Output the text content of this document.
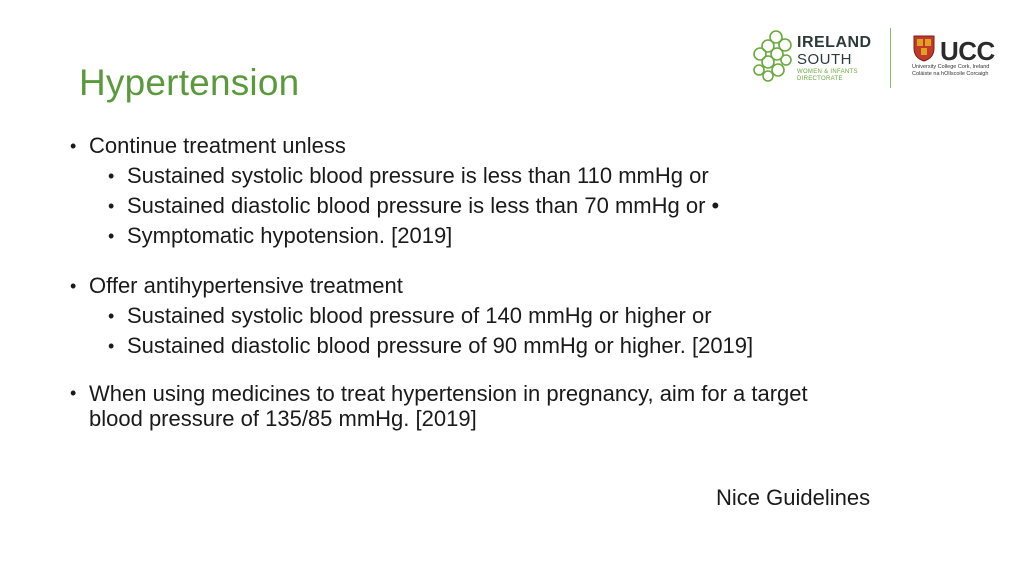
Hypertension
IRELAND
SOUTH
WOMEN & INFANTS
DIRECTORATE
UCC
University College Cork, Ireland
Coláiste na hOllscoile Corcaigh

• Continue treatment unless

• Sustained systolic blood pressure is less than 110 mmHg or

• Sustained diastolic blood pressure is less than 70 mmHg or •

• Symptomatic hypotension. [2019]

• Offer antihypertensive treatment

• Sustained systolic blood pressure of 140 mmHg or higher or

• Sustained diastolic blood pressure of 90 mmHg or higher. [2019]

• When using medicines to treat hypertension in pregnancy, aim for a target
blood pressure of 135/85 mmHg. [2019]

Nice Guidelines
